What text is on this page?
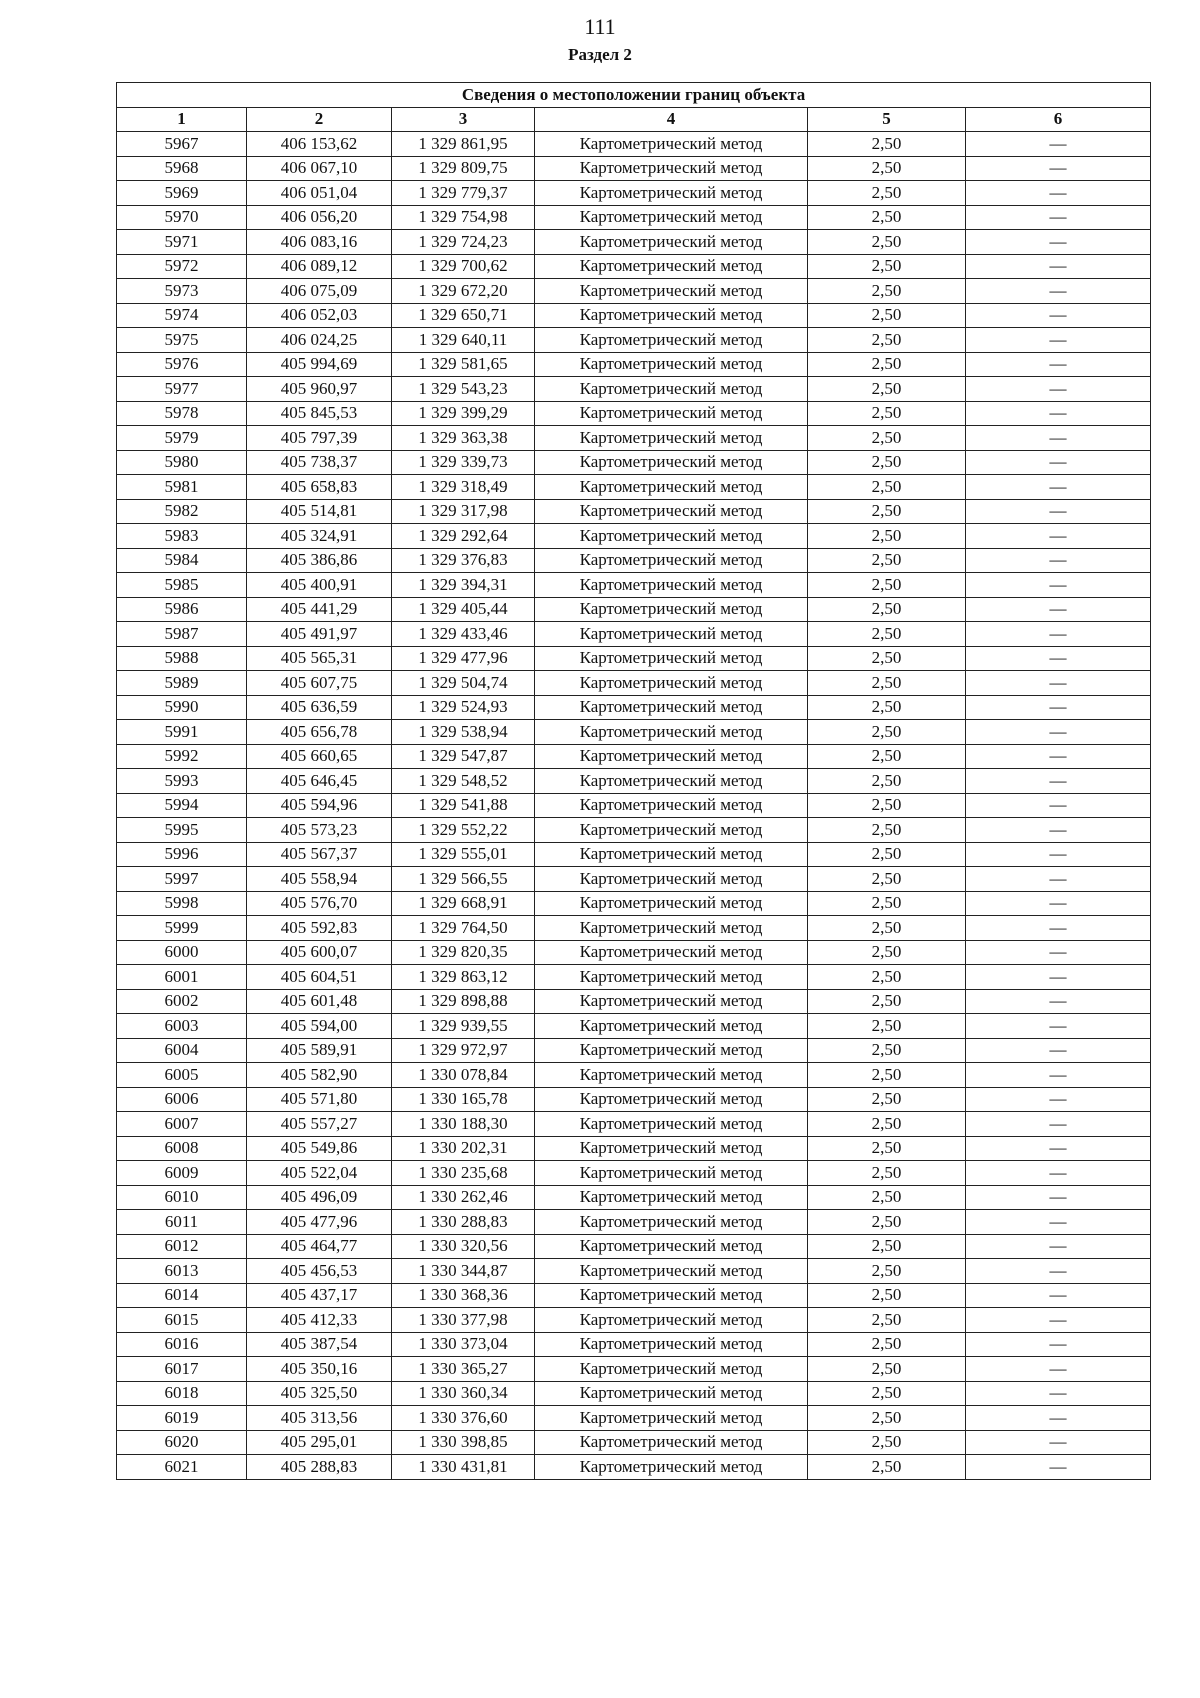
111
Раздел 2
Сведения о местоположении границ объекта					
1	2	3	4	5	6
5967	406 153,62	1 329 861,95	Картометрический метод	2,50	—
5968	406 067,10	1 329 809,75	Картометрический метод	2,50	—
5969	406 051,04	1 329 779,37	Картометрический метод	2,50	—
5970	406 056,20	1 329 754,98	Картометрический метод	2,50	—
5971	406 083,16	1 329 724,23	Картометрический метод	2,50	—
5972	406 089,12	1 329 700,62	Картометрический метод	2,50	—
5973	406 075,09	1 329 672,20	Картометрический метод	2,50	—
5974	406 052,03	1 329 650,71	Картометрический метод	2,50	—
5975	406 024,25	1 329 640,11	Картометрический метод	2,50	—
5976	405 994,69	1 329 581,65	Картометрический метод	2,50	—
5977	405 960,97	1 329 543,23	Картометрический метод	2,50	—
5978	405 845,53	1 329 399,29	Картометрический метод	2,50	—
5979	405 797,39	1 329 363,38	Картометрический метод	2,50	—
5980	405 738,37	1 329 339,73	Картометрический метод	2,50	—
5981	405 658,83	1 329 318,49	Картометрический метод	2,50	—
5982	405 514,81	1 329 317,98	Картометрический метод	2,50	—
5983	405 324,91	1 329 292,64	Картометрический метод	2,50	—
5984	405 386,86	1 329 376,83	Картометрический метод	2,50	—
5985	405 400,91	1 329 394,31	Картометрический метод	2,50	—
5986	405 441,29	1 329 405,44	Картометрический метод	2,50	—
5987	405 491,97	1 329 433,46	Картометрический метод	2,50	—
5988	405 565,31	1 329 477,96	Картометрический метод	2,50	—
5989	405 607,75	1 329 504,74	Картометрический метод	2,50	—
5990	405 636,59	1 329 524,93	Картометрический метод	2,50	—
5991	405 656,78	1 329 538,94	Картометрический метод	2,50	—
5992	405 660,65	1 329 547,87	Картометрический метод	2,50	—
5993	405 646,45	1 329 548,52	Картометрический метод	2,50	—
5994	405 594,96	1 329 541,88	Картометрический метод	2,50	—
5995	405 573,23	1 329 552,22	Картометрический метод	2,50	—
5996	405 567,37	1 329 555,01	Картометрический метод	2,50	—
5997	405 558,94	1 329 566,55	Картометрический метод	2,50	—
5998	405 576,70	1 329 668,91	Картометрический метод	2,50	—
5999	405 592,83	1 329 764,50	Картометрический метод	2,50	—
6000	405 600,07	1 329 820,35	Картометрический метод	2,50	—
6001	405 604,51	1 329 863,12	Картометрический метод	2,50	—
6002	405 601,48	1 329 898,88	Картометрический метод	2,50	—
6003	405 594,00	1 329 939,55	Картометрический метод	2,50	—
6004	405 589,91	1 329 972,97	Картометрический метод	2,50	—
6005	405 582,90	1 330 078,84	Картометрический метод	2,50	—
6006	405 571,80	1 330 165,78	Картометрический метод	2,50	—
6007	405 557,27	1 330 188,30	Картометрический метод	2,50	—
6008	405 549,86	1 330 202,31	Картометрический метод	2,50	—
6009	405 522,04	1 330 235,68	Картометрический метод	2,50	—
6010	405 496,09	1 330 262,46	Картометрический метод	2,50	—
6011	405 477,96	1 330 288,83	Картометрический метод	2,50	—
6012	405 464,77	1 330 320,56	Картометрический метод	2,50	—
6013	405 456,53	1 330 344,87	Картометрический метод	2,50	—
6014	405 437,17	1 330 368,36	Картометрический метод	2,50	—
6015	405 412,33	1 330 377,98	Картометрический метод	2,50	—
6016	405 387,54	1 330 373,04	Картометрический метод	2,50	—
6017	405 350,16	1 330 365,27	Картометрический метод	2,50	—
6018	405 325,50	1 330 360,34	Картометрический метод	2,50	—
6019	405 313,56	1 330 376,60	Картометрический метод	2,50	—
6020	405 295,01	1 330 398,85	Картометрический метод	2,50	—
6021	405 288,83	1 330 431,81	Картометрический метод	2,50	—
